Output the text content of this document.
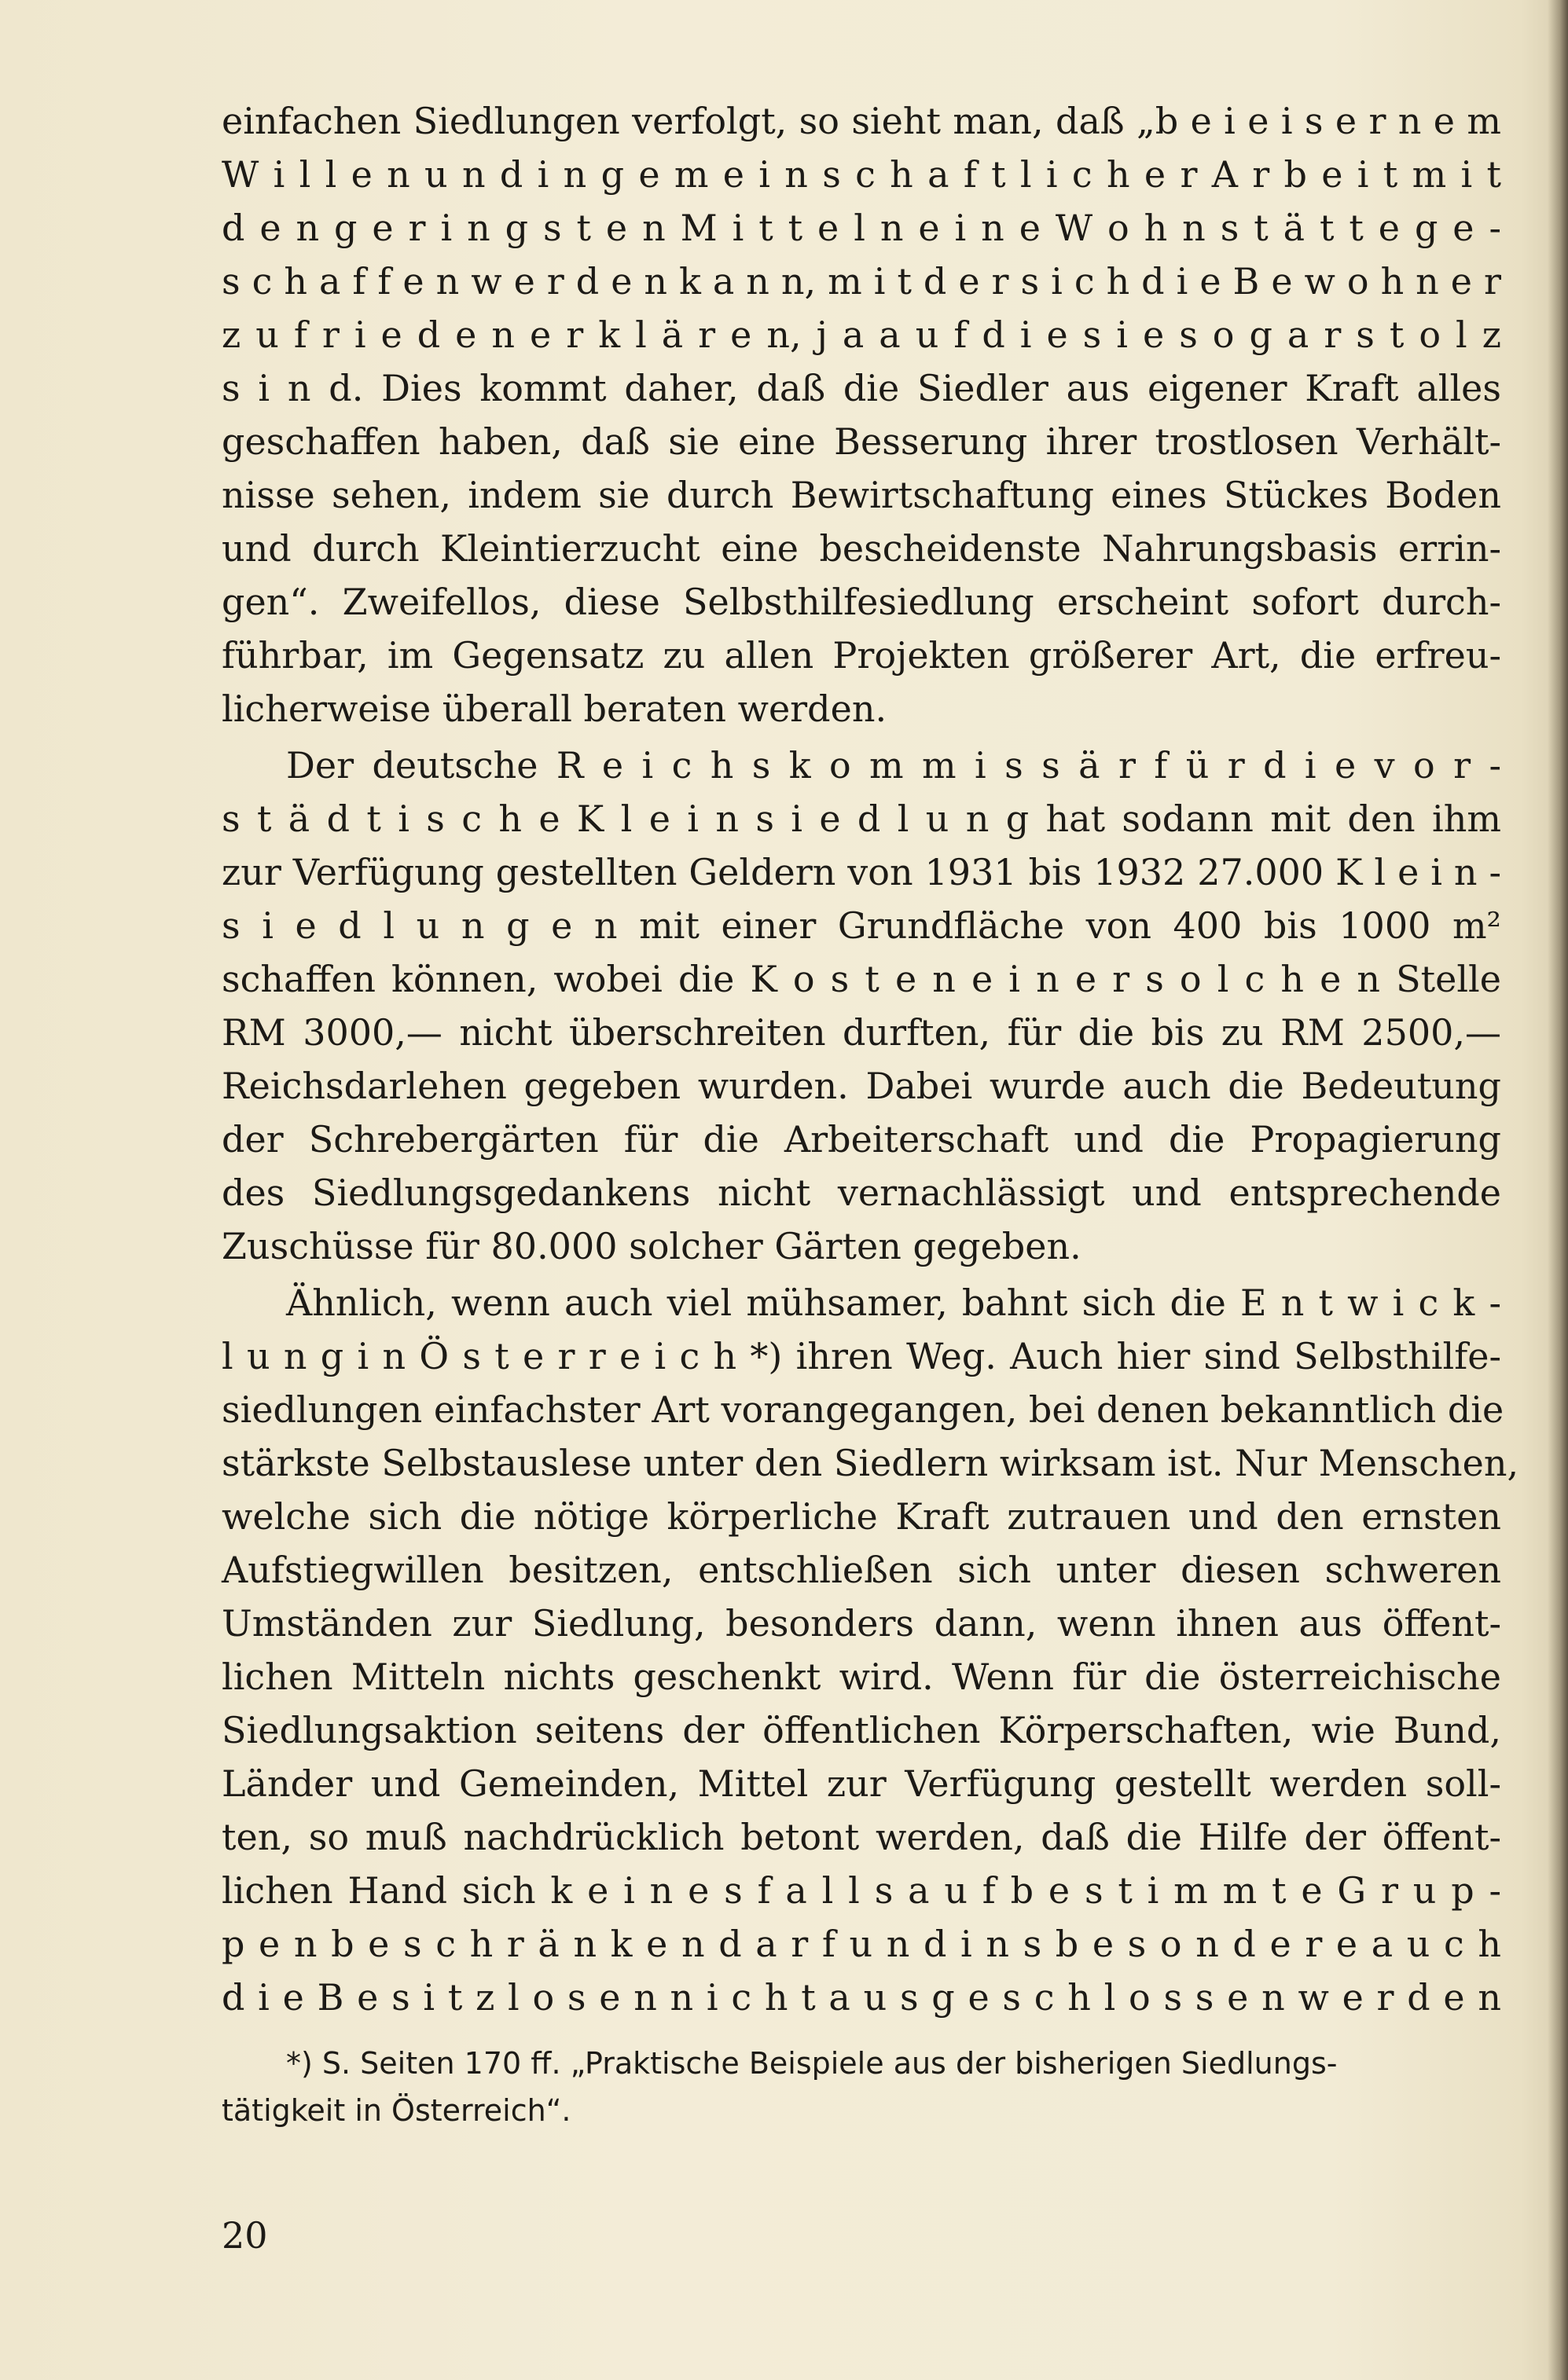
einfachen Siedlungen verfolgt, so sieht man, daß „b e i e i s e r n e m
W i l l e n u n d i n g e m e i n s c h a f t l i c h e r A r b e i t m i t
d e n g e r i n g s t e n M i t t e l n e i n e W o h n s t ä t t e g e -
s c h a f f e n w e r d e n k a n n, m i t d e r s i c h d i e B e w o h n e r
z u f r i e d e n e r k l ä r e n, j a a u f d i e s i e s o g a r s t o l z
s i n d. Dies kommt daher, daß die Siedler aus eigener Kraft alles
geschaffen haben, daß sie eine Besserung ihrer trostlosen Verhält-
nisse sehen, indem sie durch Bewirtschaftung eines Stückes Boden
und durch Kleintierzucht eine bescheidenste Nahrungsbasis errin-
gen“. Zweifellos, diese Selbsthilfesiedlung erscheint sofort durch-
führbar, im Gegensatz zu allen Projekten größerer Art, die erfreu-
licherweise überall beraten werden.
Der deutsche R e i c h s k o m m i s s ä r f ü r d i e v o r -
s t ä d t i s c h e K l e i n s i e d l u n g hat sodann mit den ihm
zur Verfügung gestellten Geldern von 1931 bis 1932 27.000 K l e i n -
s i e d l u n g e n mit einer Grundfläche von 400 bis 1000 m²
schaffen können, wobei die K o s t e n e i n e r s o l c h e n Stelle
RM 3000,— nicht überschreiten durften, für die bis zu RM 2500,—
Reichsdarlehen gegeben wurden. Dabei wurde auch die Bedeutung
der Schrebergärten für die Arbeiterschaft und die Propagierung
des Siedlungsgedankens nicht vernachlässigt und entsprechende
Zuschüsse für 80.000 solcher Gärten gegeben.
Ähnlich, wenn auch viel mühsamer, bahnt sich die E n t w i c k -
l u n g i n Ö s t e r r e i c h *) ihren Weg. Auch hier sind Selbsthilfe-
siedlungen einfachster Art vorangegangen, bei denen bekanntlich die
stärkste Selbstauslese unter den Siedlern wirksam ist. Nur Menschen,
welche sich die nötige körperliche Kraft zutrauen und den ernsten
Aufstiegwillen besitzen, entschließen sich unter diesen schweren
Umständen zur Siedlung, besonders dann, wenn ihnen aus öffent-
lichen Mitteln nichts geschenkt wird. Wenn für die österreichische
Siedlungsaktion seitens der öffentlichen Körperschaften, wie Bund,
Länder und Gemeinden, Mittel zur Verfügung gestellt werden soll-
ten, so muß nachdrücklich betont werden, daß die Hilfe der öffent-
lichen Hand sich k e i n e s f a l l s a u f b e s t i m m t e G r u p -
p e n b e s c h r ä n k e n d a r f u n d i n s b e s o n d e r e a u c h
d i e B e s i t z l o s e n n i c h t a u s g e s c h l o s s e n w e r d e n
*) S. Seiten 170 ff. „Praktische Beispiele aus der bisherigen Siedlungs-
tätigkeit in Österreich“.
20
